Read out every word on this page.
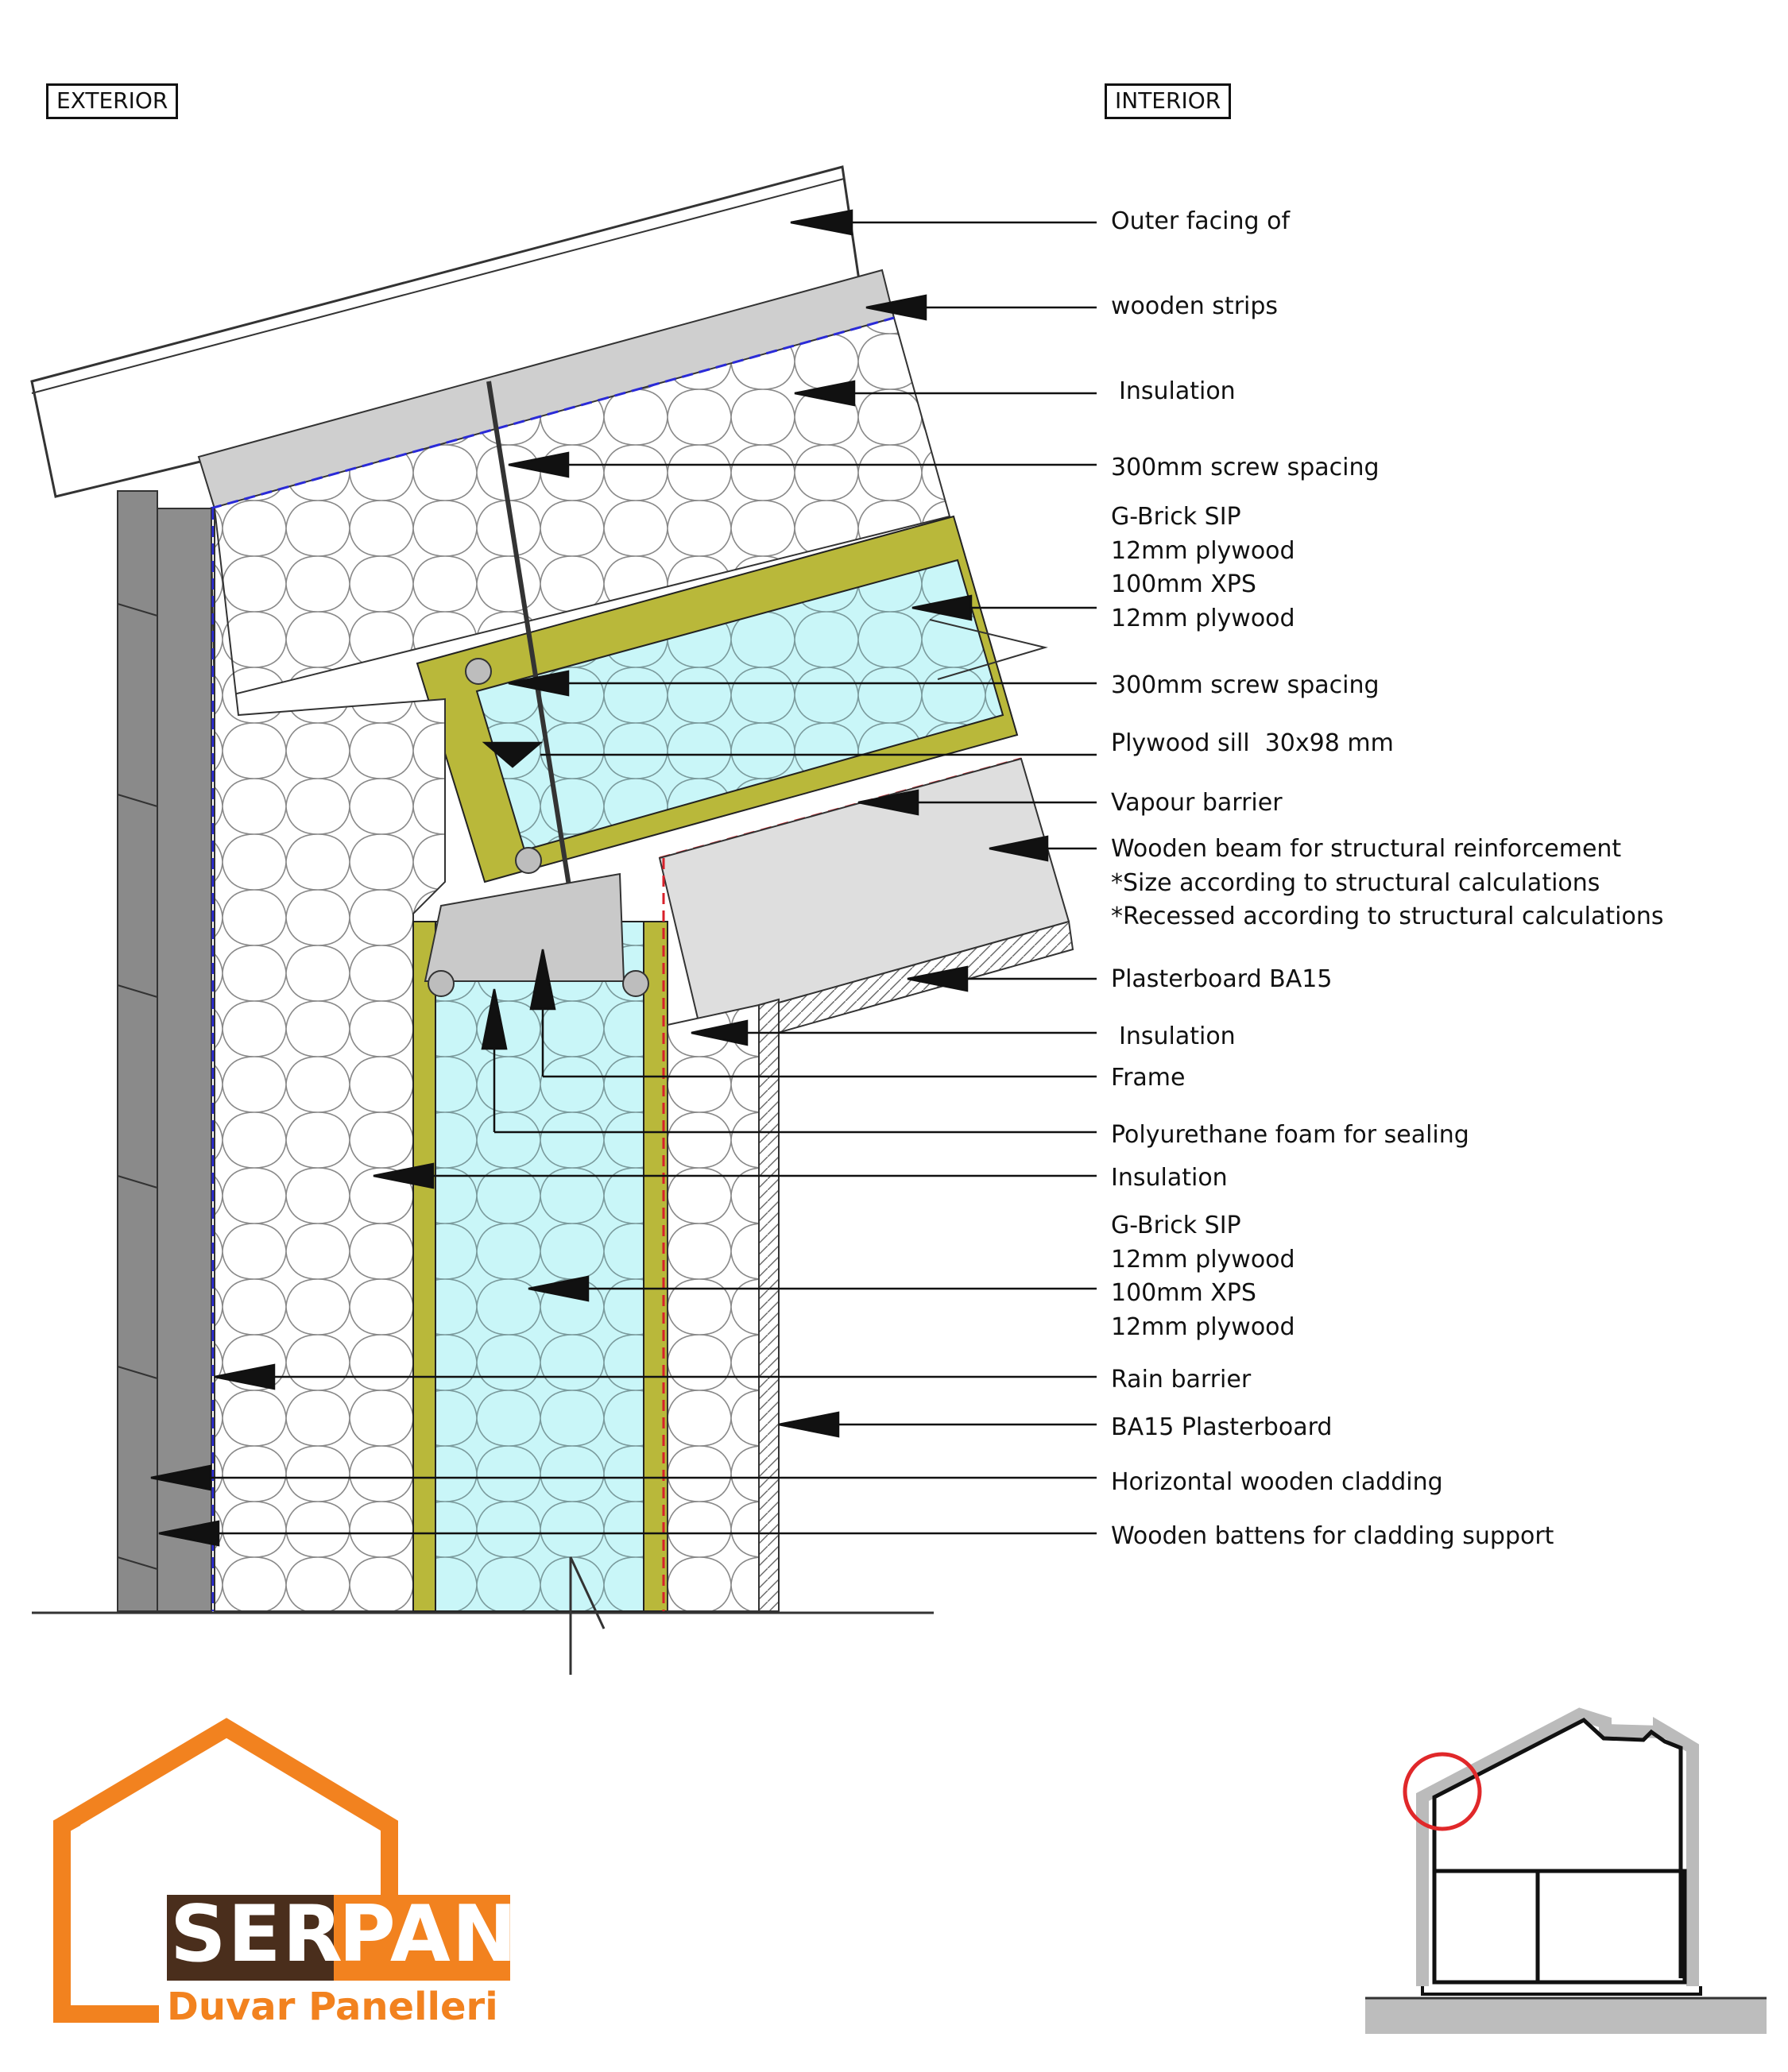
EXTERIOR	INTERIOR
Outer facing of
wooden strips
Insulation
300mm screw spacing
G-Brick SIP
12mm plywood
100mm XPS
12mm plywood
300mm screw spacing
Plywood sill  30x98 mm
Vapour barrier
Wooden beam for structural reinforcement
*Size according to structural calculations
*Recessed according to structural calculations
Plasterboard BA15
Insulation
Frame
Polyurethane foam for sealing
Insulation
G-Brick SIP
12mm plywood
100mm XPS
12mm plywood
Rain barrier
BA15 Plasterboard
Horizontal wooden cladding
Wooden battens for cladding support
SER
PAN
Duvar Panelleri
